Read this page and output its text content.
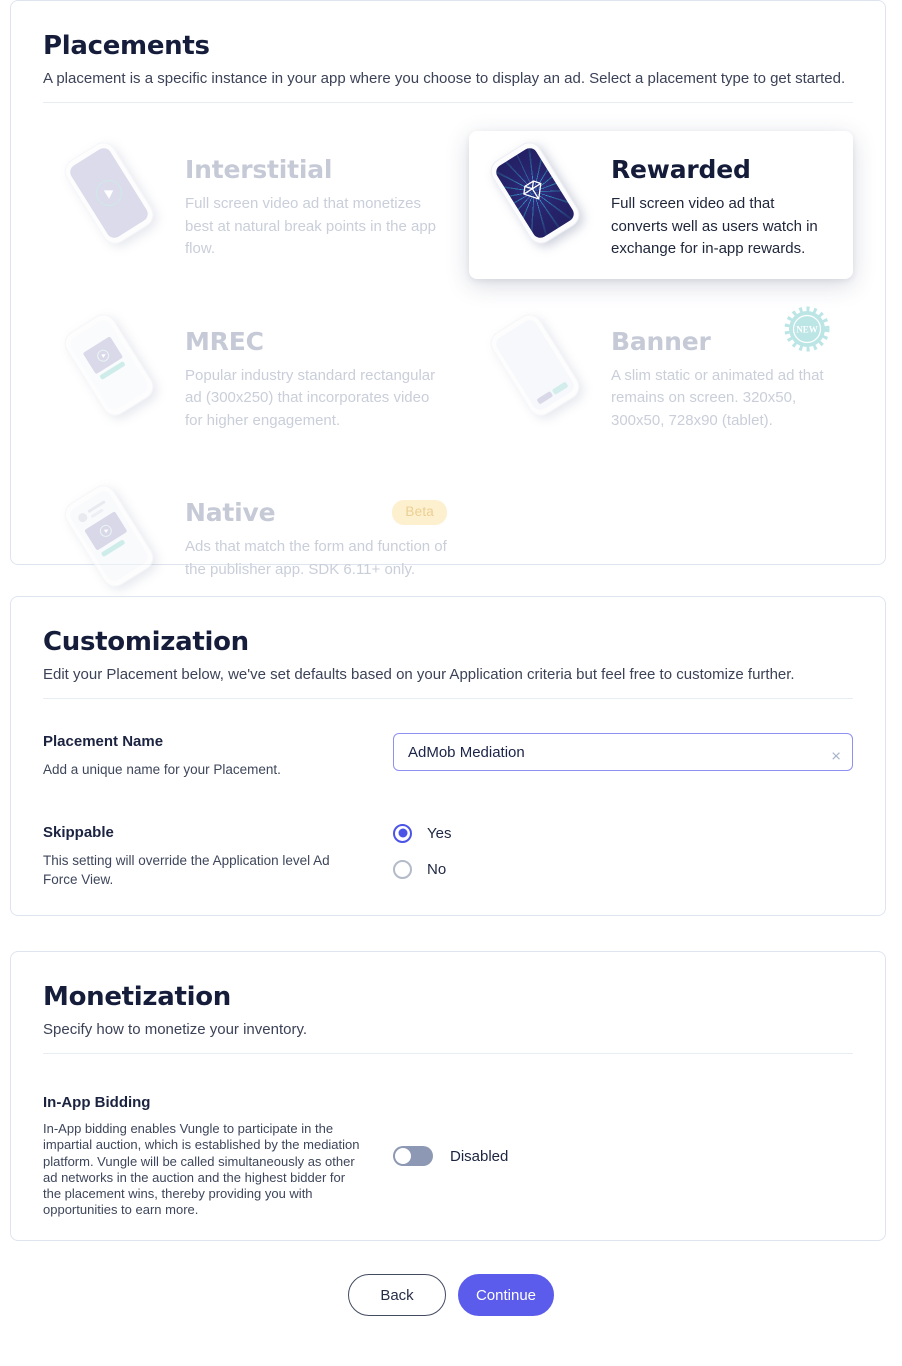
Placements

A placement is a specific instance in your app where you choose to display an ad. Select a placement type to get started.

Interstitial
Full screen video ad that monetizes best at natural break points in the app flow.
Rewarded
Full screen video ad that converts well as users watch in exchange for in-app rewards.
MREC
Popular industry standard rectangular ad (300x250) that incorporates video for higher engagement.
Banner
A slim static or animated ad that remains on screen. 320x50, 300x50, 728x90 (tablet).
NEW
Native	Beta
Ads that match the form and function of the publisher app. SDK 6.11+ only.
Customization

Edit your Placement below, we've set defaults based on your Application criteria but feel free to customize further.

Placement Name
Add a unique name for your Placement.
AdMob Mediation
×
Skippable
This setting will override the Application level Ad Force View.
Yes
No
Monetization

Specify how to monetize your inventory.

In-App Bidding
In-App bidding enables Vungle to participate in the impartial auction, which is established by the mediation platform. Vungle will be called simultaneously as other ad networks in the auction and the highest bidder for the placement wins, thereby providing you with opportunities to earn more.
Disabled
Back	Continue
